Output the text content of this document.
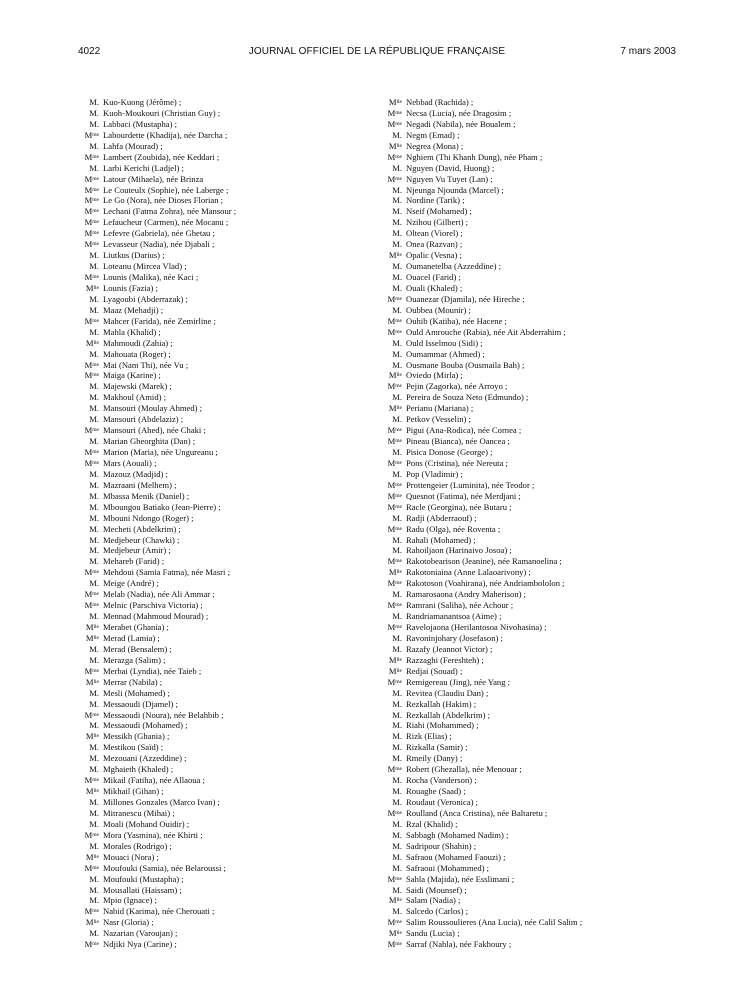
4022	JOURNAL OFFICIEL DE LA RÉPUBLIQUE FRANÇAISE	7 mars 2003
M. Kuo-Kuong (Jérôme) ;
M. Kuoh-Moukouri (Christian Guy) ;
M. Labbaci (Mustapha) ;
$M^{me}$ Labourdette (Khadija), née Darcha ;
M. Lahfa (Mourad) ;
$M^{me}$ Lambert (Zoubida), née Keddari ;
M. Larbi Kerichi (Ladjel) ;
$M^{me}$ Latour (Mihaela), née Brinza
$M^{me}$ Le Couteulx (Sophie), née Laberge ;
$M^{me}$ Le Go (Nora), née Dioses Florian ;
$M^{me}$ Lechani (Fatma Zohra), née Mansour ;
$M^{me}$ Lefaucheur (Carmen), née Mocanu ;
$M^{me}$ Lefevre (Gabriela), née Ghetau ;
$M^{me}$ Levasseur (Nadia), née Djabali ;
M. Liutkus (Darius) ;
M. Loteanu (Mircea Vlad) ;
$M^{me}$ Lounis (Malika), née Kaci ;
$M^{lle}$ Lounis (Fazia) ;
M. Lyagoubi (Abderrazak) ;
M. Maaz (Mehadji) ;
$M^{me}$ Mahcer (Farida), née Zemirline ;
M. Mahla (Khalid) ;
$M^{lle}$ Mahmoudi (Zahia) ;
M. Mahouata (Roger) ;
$M^{me}$ Mai (Nam Thi), née Vu ;
$M^{me}$ Maiga (Karine) ;
M. Majewski (Marek) ;
M. Makhoul (Amid) ;
M. Mansouri (Moulay Ahmed) ;
M. Mansouri (Abdelaziz) ;
$M^{me}$ Mansouri (Ahed), née Chaki ;
M. Marian Gheorghita (Dan) ;
$M^{me}$ Marion (Maria), née Ungureanu ;
$M^{me}$ Mars (Aouali) ;
M. Mazouz (Madjid) ;
M. Mazraani (Melhem) ;
M. Mbassa Menik (Daniel) ;
M. Mboungou Batiako (Jean-Pierre) ;
M. Mbouni Ndongo (Roger) ;
M. Mecheti (Abdelkrim) ;
M. Medjebeur (Chawki) ;
M. Medjebeur (Amir) ;
M. Mehareb (Farid) ;
$M^{me}$ Mehdoui (Samia Fatma), née Masri ;
M. Meige (André) ;
$M^{me}$ Melab (Nadia), née Ali Ammar ;
$M^{me}$ Melnic (Parschiva Victoria) ;
M. Mennad (Mahmoud Mourad) ;
$M^{lle}$ Merabet (Ghania) ;
$M^{lle}$ Merad (Lamia) ;
M. Merad (Bensalem) ;
M. Merazga (Salim) ;
$M^{me}$ Merbai (Lyndia), née Taieb ;
$M^{lle}$ Merrar (Nabila) ;
M. Mesli (Mohamed) ;
M. Messaoudi (Djamel) ;
$M^{me}$ Messaoudi (Noura), née Belahbib ;
M. Messaoudi (Mohamed) ;
$M^{lle}$ Messikh (Ghania) ;
M. Mestikou (Saïd) ;
M. Mezouani (Azzeddine) ;
M. Mghaieth (Khaled) ;
$M^{me}$ Mikail (Fatiha), née Allaoua ;
$M^{lle}$ Mikhail (Gihan) ;
M. Millones Gonzales (Marco Ivan) ;
M. Mitranescu (Mihai) ;
M. Moali (Mohand Ouidir) ;
$M^{me}$ Mora (Yasmina), née Khirti ;
M. Morales (Rodrigo) ;
$M^{lle}$ Mouaci (Nora) ;
$M^{me}$ Moufouki (Samia), née Belaroussi ;
M. Moufouki (Mustapha) ;
M. Mousallati (Haissam) ;
M. Mpio (Ignace) ;
$M^{me}$ Nabid (Karima), née Cherouati ;
$M^{lle}$ Nasr (Gloria) ;
M. Nazarian (Varoujan) ;
$M^{me}$ Ndjiki Nya (Carine) ;
$M^{lle}$ Nebbad (Rachida) ;
$M^{me}$ Necsa (Lucia), née Dragosim ;
$M^{me}$ Negadi (Nabila), née Boualem ;
M. Negm (Emad) ;
$M^{lle}$ Negrea (Mona) ;
$M^{me}$ Nghiem (Thi Khanh Dung), née Pham ;
M. Nguyen (David, Huong) ;
$M^{me}$ Nguyen Vu Tuyet (Lan) ;
M. Njeunga Njounda (Marcel) ;
M. Nordine (Tarik) ;
M. Nseif (Mohamed) ;
M. Nzihou (Gilbert) ;
M. Oltean (Viorel) ;
M. Onea (Razvan) ;
$M^{lle}$ Opalic (Vesna) ;
M. Oumanetelba (Azzeddine) ;
M. Ouacel (Farid) ;
M. Ouali (Khaled) ;
$M^{me}$ Ouanezar (Djamila), née Hireche ;
M. Oubbea (Mounir) ;
$M^{me}$ Ouhib (Katiba), née Hacene ;
$M^{me}$ Ould Amrouche (Rabia), née Ait Abderrahim ;
M. Ould Isselmou (Sidi) ;
M. Oumammar (Ahmed) ;
M. Ousmane Bouba (Ousmaila Bah) ;
$M^{lle}$ Oviedo (Mirla) ;
$M^{me}$ Pejin (Zagorka), née Arroyo ;
M. Pereira de Souza Neto (Edmundo) ;
$M^{lle}$ Perianu (Mariana) ;
M. Petkov (Vesselin) ;
$M^{me}$ Pigui (Ana-Rodica), née Cornea ;
$M^{me}$ Pineau (Bianca), née Oancea ;
M. Pisica Donose (George) ;
$M^{me}$ Pons (Cristina), née Nereuta ;
M. Pop (Vladimir) ;
$M^{me}$ Prottengeier (Luminita), née Teodor ;
$M^{me}$ Quesnot (Fatima), née Merdjani ;
$M^{me}$ Racle (Georgina), née Butaru ;
M. Radji (Abderraouf) ;
$M^{me}$ Radu (Olga), née Roventa ;
M. Rahali (Mohamed) ;
M. Rahoiljaon (Harinaivo Josoa) ;
$M^{me}$ Rakotobearison (Jeanine), née Ramanoelina ;
$M^{lle}$ Rakotoniaina (Anne Lalaoarivony) ;
$M^{me}$ Rakotoson (Voahirana), née Andriambololon ;
M. Ramarosaona (Andry Maherison) ;
$M^{me}$ Ramrani (Saliha), née Achour ;
M. Randriamanantsoa (Aime) ;
$M^{me}$ Ravelojaona (Herilantosoa Nivohasina) ;
M. Ravoninjohary (Josefason) ;
M. Razafy (Jeannot Victor) ;
$M^{lle}$ Razzaghi (Fereshteh) ;
$M^{lle}$ Redjai (Souad) ;
$M^{me}$ Remigereau (Jing), née Yang ;
M. Revitea (Claudiu Dan) ;
M. Rezkallah (Hakim) ;
M. Rezkallah (Abdelkrim) ;
M. Riahi (Mohammed) ;
M. Rizk (Elias) ;
M. Rizkalla (Samir) ;
M. Rmeily (Dany) ;
$M^{me}$ Robert (Ghezalla), née Menouar ;
M. Rocha (Vanderson) ;
M. Rouaghe (Saad) ;
M. Roudaut (Veronica) ;
$M^{me}$ Roulland (Anca Cristina), née Baltaretu ;
M. Rzal (Khalid) ;
M. Sabbagh (Mohamed Nadim) ;
M. Sadripour (Shahin) ;
M. Safraou (Mohamed Faouzi) ;
M. Safraoui (Mohammed) ;
$M^{me}$ Sahla (Majida), née Esslimani ;
M. Saidi (Mounsef) ;
$M^{lle}$ Salam (Nadia) ;
M. Salcedo (Carlos) ;
$M^{me}$ Salim Roussoulieres (Ana Lucia), née Calil Salim ;
$M^{lle}$ Sandu (Lucia) ;
$M^{me}$ Sarraf (Nahla), née Fakhoury ;
